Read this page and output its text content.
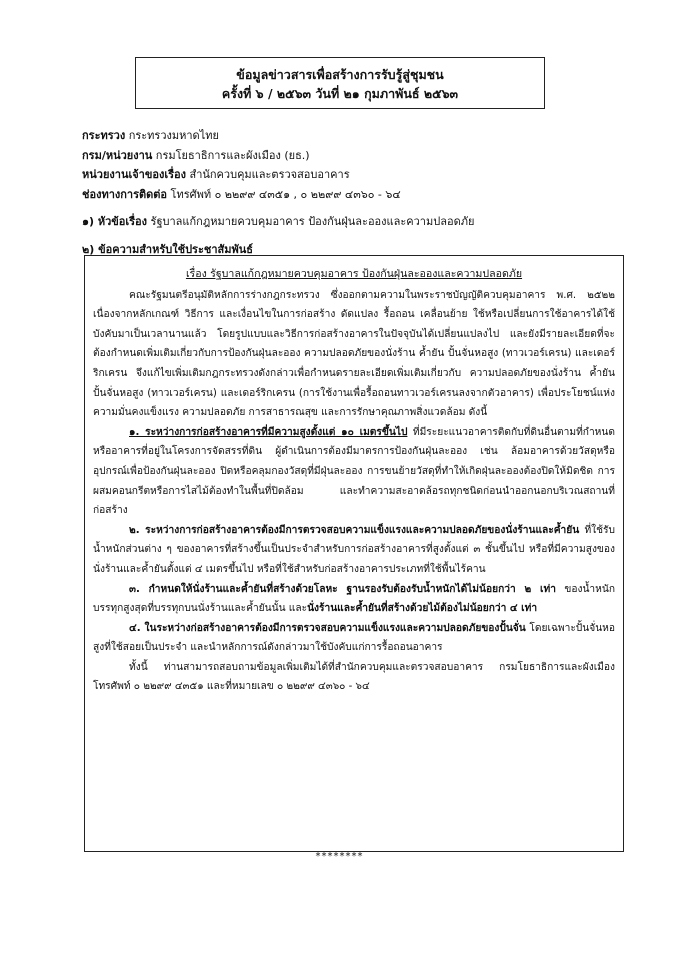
ข้อมูลข่าวสารเพื่อสร้างการรับรู้สู่ชุมชน
ครั้งที่ ๖ / ๒๕๖๓ วันที่ ๒๑ กุมภาพันธ์ ๒๕๖๓
กระทรวง กระทรวงมหาดไทย
กรม/หน่วยงาน กรมโยธาธิการและผังเมือง (ยธ.)
หน่วยงานเจ้าของเรื่อง สำนักควบคุมและตรวจสอบอาคาร
ช่องทางการติดต่อ โทรศัพท์ ๐ ๒๒๙๙ ๔๓๕๑ , ๐ ๒๒๙๙ ๔๓๖๐ - ๖๔
๑) หัวข้อเรื่อง รัฐบาลแก้กฎหมายควบคุมอาคาร ป้องกันฝุ่นละอองและความปลอดภัย
๒) ข้อความสำหรับใช้ประชาสัมพันธ์
เรื่อง รัฐบาลแก้กฎหมายควบคุมอาคาร ป้องกันฝุ่นละอองและความปลอดภัย

คณะรัฐมนตรีอนุมัติหลักการร่างกฎกระทรวง ซึ่งออกตามความในพระราชบัญญัติควบคุมอาคาร พ.ศ. ๒๕๒๒ เนื่องจากหลักเกณฑ์ วิธีการ และเงื่อนไขในการก่อสร้าง ดัดแปลง รื้อถอน เคลื่อนย้าย ใช้หรือเปลี่ยนการใช้อาคารได้ใช้บังคับมาเป็นเวลานานแล้ว โดยรูปแบบและวิธีการก่อสร้างอาคารในปัจจุบันได้เปลี่ยนแปลงไป และยังมีรายละเอียดที่จะต้องกำหนดเพิ่มเติมเกี่ยวกับการป้องกันฝุ่นละออง ความปลอดภัยของนั่งร้าน ค้ำยัน ปั้นจั่นหอสูง (ทาวเวอร์เครน) และเดอร์ริกเครน จึงแก้ไขเพิ่มเติมกฎกระทรวงดังกล่าวเพื่อกำหนดรายละเอียดเพิ่มเติมเกี่ยวกับ ความปลอดภัยของนั่งร้าน ค้ำยัน ปั้นจั่นหอสูง (ทาวเวอร์เครน) และเดอร์ริกเครน (การใช้งานเพื่อรื้อถอนทาวเวอร์เครนลงจากตัวอาคาร) เพื่อประโยชน์แห่งความมั่นคงแข็งแรง ความปลอดภัย การสาธารณสุข และการรักษาคุณภาพสิ่งแวดล้อม ดังนี้

๑. ระหว่างการก่อสร้างอาคารที่มีความสูงตั้งแต่ ๑๐ เมตรขึ้นไป ที่มีระยะแนวอาคารติดกับที่ดินอื่นตามที่กำหนดหรืออาคารที่อยู่ในโครงการจัดสรรที่ดิน ผู้ดำเนินการต้องมีมาตรการป้องกันฝุ่นละออง เช่น ล้อมอาคารด้วยวัสดุหรืออุปกรณ์เพื่อป้องกันฝุ่นละออง ปิดหรือคลุมกองวัสดุที่มีฝุ่นละออง การขนย้ายวัสดุที่ทำให้เกิดฝุ่นละอองต้องปิดให้มิดชิด การผสมคอนกรีตหรือการไสไม้ต้องทำในพื้นที่ปิดล้อม และทำความสะอาดล้อรถทุกชนิดก่อนนำออกนอกบริเวณสถานที่ก่อสร้าง

๒. ระหว่างการก่อสร้างอาคารต้องมีการตรวจสอบความแข็งแรงและความปลอดภัยของนั่งร้านและค้ำยัน ที่ใช้รับน้ำหนักส่วนต่าง ๆ ของอาคารที่สร้างขึ้นเป็นประจำสำหรับการก่อสร้างอาคารที่สูงตั้งแต่ ๓ ชั้นขึ้นไป หรือที่มีความสูงของนั่งร้านและค้ำยันตั้งแต่ ๔ เมตรขึ้นไป หรือที่ใช้สำหรับก่อสร้างอาคารประเภทที่ใช้พื้นไร้คาน

๓. กำหนดให้นั่งร้านและค้ำยันที่สร้างด้วยโลหะ ฐานรองรับต้องรับน้ำหนักได้ไม่น้อยกว่า ๒ เท่า ของน้ำหนักบรรทุกสูงสุดที่บรรทุกบนนั่งร้านและค้ำยันนั้น และนั่งร้านและค้ำยันที่สร้างด้วยไม้ต้องไม่น้อยกว่า ๔ เท่า

๔. ในระหว่างก่อสร้างอาคารต้องมีการตรวจสอบความแข็งแรงและความปลอดภัยของปั้นจั่น โดยเฉพาะปั้นจั่นหอสูงที่ใช้สอยเป็นประจำ และนำหลักการณ์ดังกล่าวมาใช้บังคับแก่การรื้อถอนอาคาร

ทั้งนี้ ท่านสามารถสอบถามข้อมูลเพิ่มเติมได้ที่สำนักควบคุมและตรวจสอบอาคาร กรมโยธาธิการและผังเมือง โทรศัพท์ ๐ ๒๒๙๙ ๔๓๕๑ และที่หมายเลข ๐ ๒๒๙๙ ๔๓๖๐ - ๖๔

********
